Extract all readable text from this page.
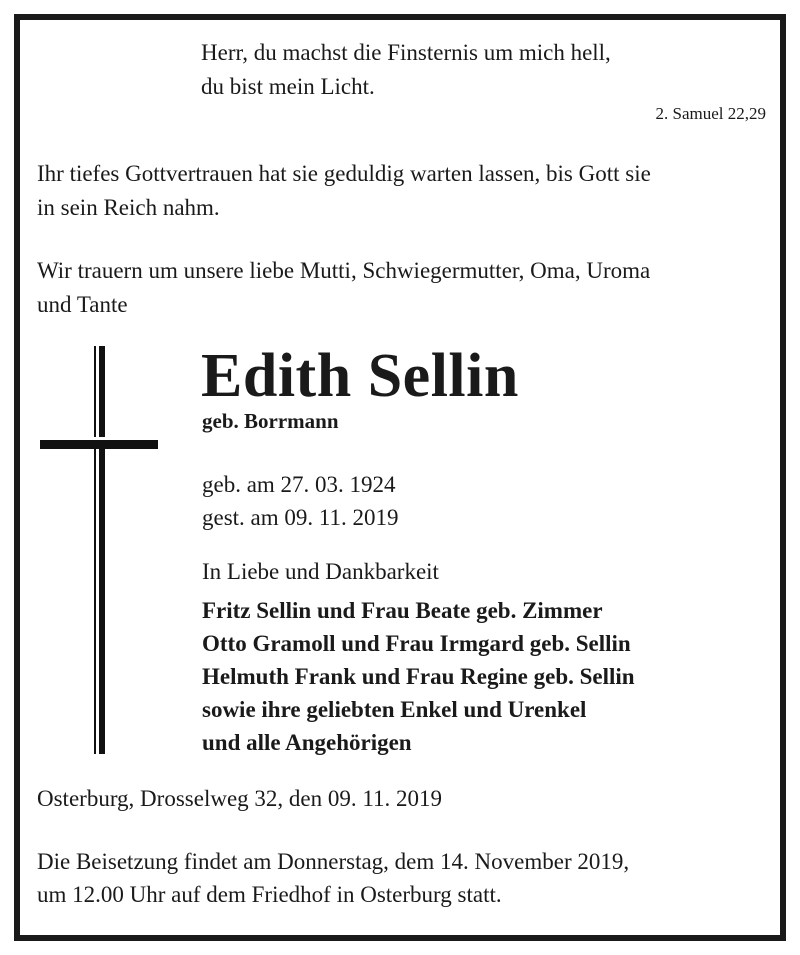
Herr, du machst die Finsternis um mich hell,
du bist mein Licht.

2. Samuel 22,29

Ihr tiefes Gottvertrauen hat sie geduldig warten lassen, bis Gott sie
in sein Reich nahm.
Wir trauern um unsere liebe Mutti, Schwiegermutter, Oma, Uroma
und Tante
Edith Sellin

geb. Borrmann

geb. am 27. 03. 1924
gest. am 09. 11. 2019

In Liebe und Dankbarkeit

Fritz Sellin und Frau Beate geb. Zimmer
Otto Gramoll und Frau Irmgard geb. Sellin
Helmuth Frank und Frau Regine geb. Sellin
sowie ihre geliebten Enkel und Urenkel
und alle Angehörigen

Osterburg, Drosselweg 32, den 09. 11. 2019

Die Beisetzung findet am Donnerstag, dem 14. November 2019,
um 12.00 Uhr auf dem Friedhof in Osterburg statt.
